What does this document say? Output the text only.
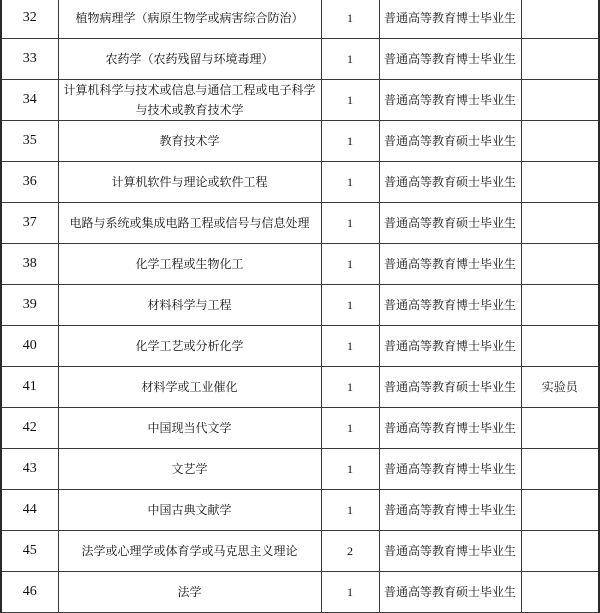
32	植物病理学（病原生物学或病害综合防治）	1	普通高等教育博士毕业生	
33	农药学（农药残留与环境毒理）	1	普通高等教育博士毕业生	
34	计算机科学与技术或信息与通信工程或电子科学与技术或教育技术学	1	普通高等教育博士毕业生	
35	教育技术学	1	普通高等教育硕士毕业生	
36	计算机软件与理论或软件工程	1	普通高等教育硕士毕业生	
37	电路与系统或集成电路工程或信号与信息处理	1	普通高等教育硕士毕业生	
38	化学工程或生物化工	1	普通高等教育博士毕业生	
39	材料科学与工程	1	普通高等教育博士毕业生	
40	化学工艺或分析化学	1	普通高等教育博士毕业生	
41	材料学或工业催化	1	普通高等教育硕士毕业生	实验员
42	中国现当代文学	1	普通高等教育博士毕业生	
43	文艺学	1	普通高等教育博士毕业生	
44	中国古典文献学	1	普通高等教育博士毕业生	
45	法学或心理学或体育学或马克思主义理论	2	普通高等教育博士毕业生	
46	法学	1	普通高等教育硕士毕业生	
